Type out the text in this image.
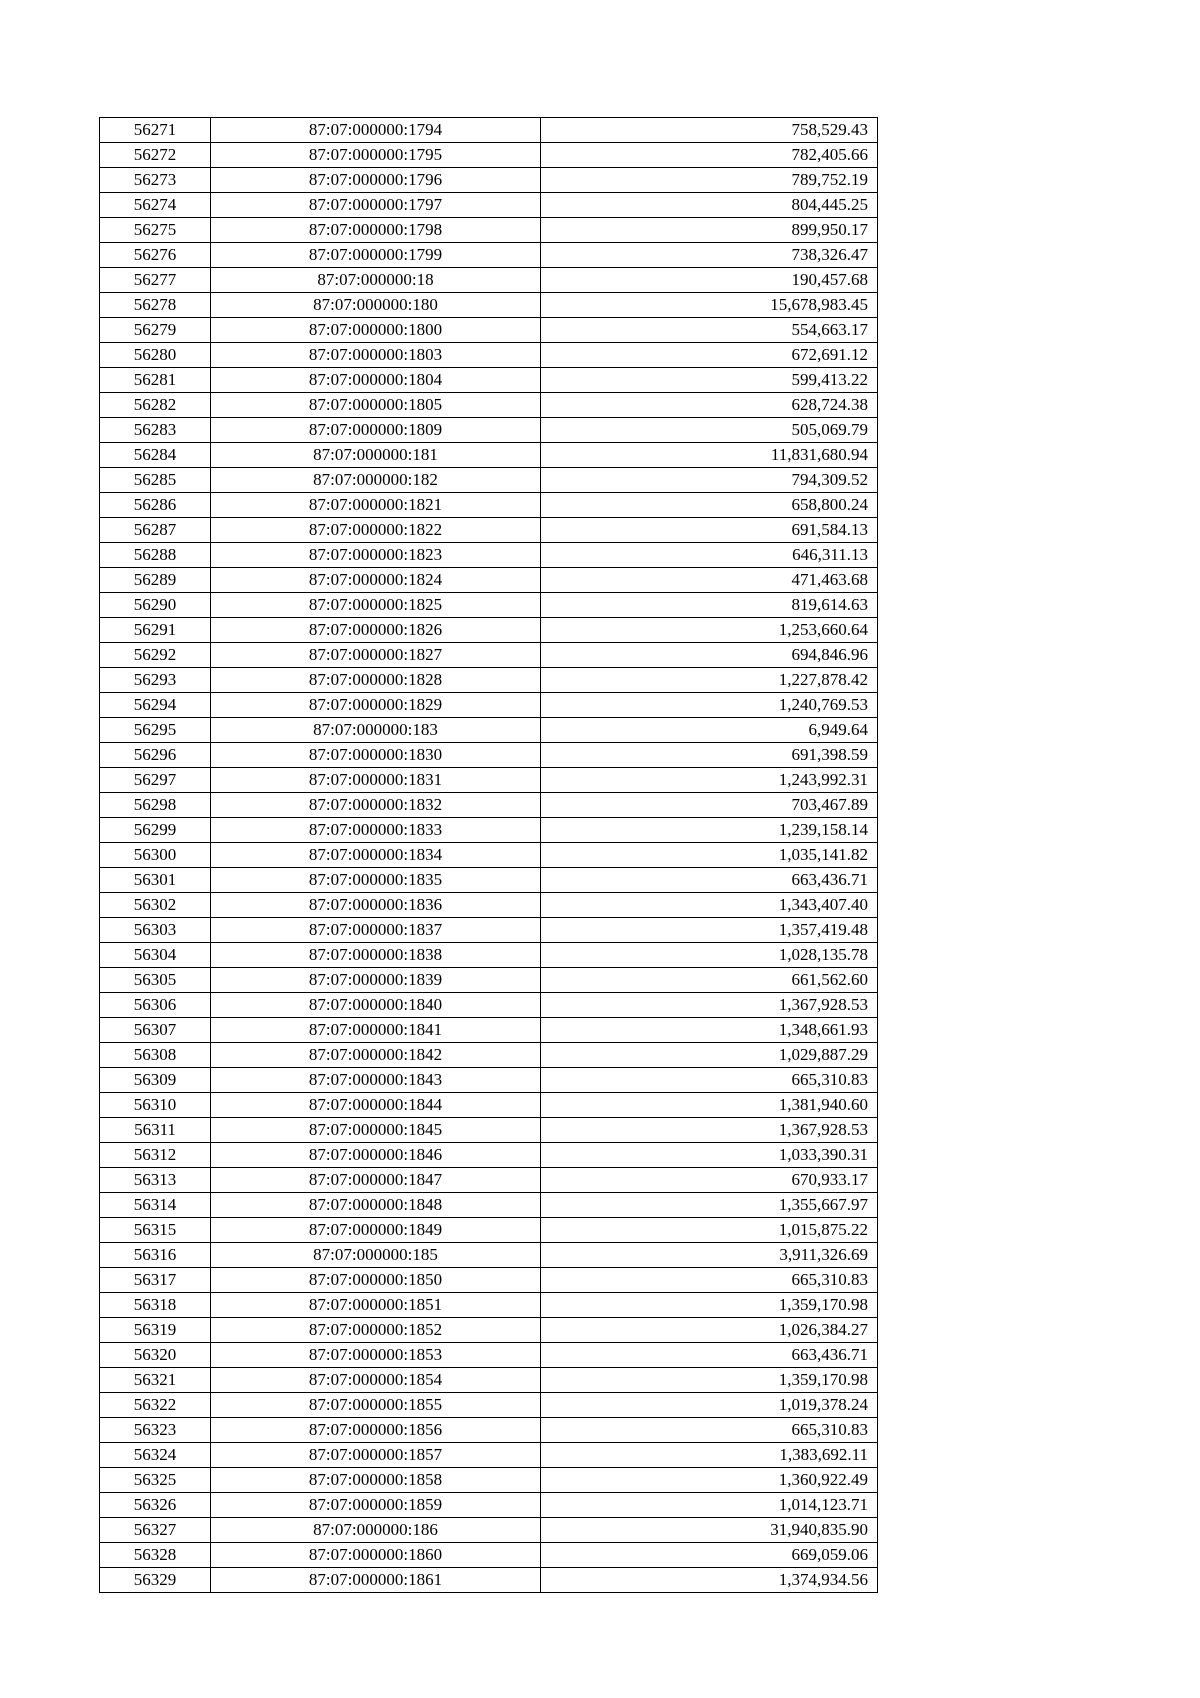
56271	87:07:000000:1794	758,529.43
56272	87:07:000000:1795	782,405.66
56273	87:07:000000:1796	789,752.19
56274	87:07:000000:1797	804,445.25
56275	87:07:000000:1798	899,950.17
56276	87:07:000000:1799	738,326.47
56277	87:07:000000:18	190,457.68
56278	87:07:000000:180	15,678,983.45
56279	87:07:000000:1800	554,663.17
56280	87:07:000000:1803	672,691.12
56281	87:07:000000:1804	599,413.22
56282	87:07:000000:1805	628,724.38
56283	87:07:000000:1809	505,069.79
56284	87:07:000000:181	11,831,680.94
56285	87:07:000000:182	794,309.52
56286	87:07:000000:1821	658,800.24
56287	87:07:000000:1822	691,584.13
56288	87:07:000000:1823	646,311.13
56289	87:07:000000:1824	471,463.68
56290	87:07:000000:1825	819,614.63
56291	87:07:000000:1826	1,253,660.64
56292	87:07:000000:1827	694,846.96
56293	87:07:000000:1828	1,227,878.42
56294	87:07:000000:1829	1,240,769.53
56295	87:07:000000:183	6,949.64
56296	87:07:000000:1830	691,398.59
56297	87:07:000000:1831	1,243,992.31
56298	87:07:000000:1832	703,467.89
56299	87:07:000000:1833	1,239,158.14
56300	87:07:000000:1834	1,035,141.82
56301	87:07:000000:1835	663,436.71
56302	87:07:000000:1836	1,343,407.40
56303	87:07:000000:1837	1,357,419.48
56304	87:07:000000:1838	1,028,135.78
56305	87:07:000000:1839	661,562.60
56306	87:07:000000:1840	1,367,928.53
56307	87:07:000000:1841	1,348,661.93
56308	87:07:000000:1842	1,029,887.29
56309	87:07:000000:1843	665,310.83
56310	87:07:000000:1844	1,381,940.60
56311	87:07:000000:1845	1,367,928.53
56312	87:07:000000:1846	1,033,390.31
56313	87:07:000000:1847	670,933.17
56314	87:07:000000:1848	1,355,667.97
56315	87:07:000000:1849	1,015,875.22
56316	87:07:000000:185	3,911,326.69
56317	87:07:000000:1850	665,310.83
56318	87:07:000000:1851	1,359,170.98
56319	87:07:000000:1852	1,026,384.27
56320	87:07:000000:1853	663,436.71
56321	87:07:000000:1854	1,359,170.98
56322	87:07:000000:1855	1,019,378.24
56323	87:07:000000:1856	665,310.83
56324	87:07:000000:1857	1,383,692.11
56325	87:07:000000:1858	1,360,922.49
56326	87:07:000000:1859	1,014,123.71
56327	87:07:000000:186	31,940,835.90
56328	87:07:000000:1860	669,059.06
56329	87:07:000000:1861	1,374,934.56
